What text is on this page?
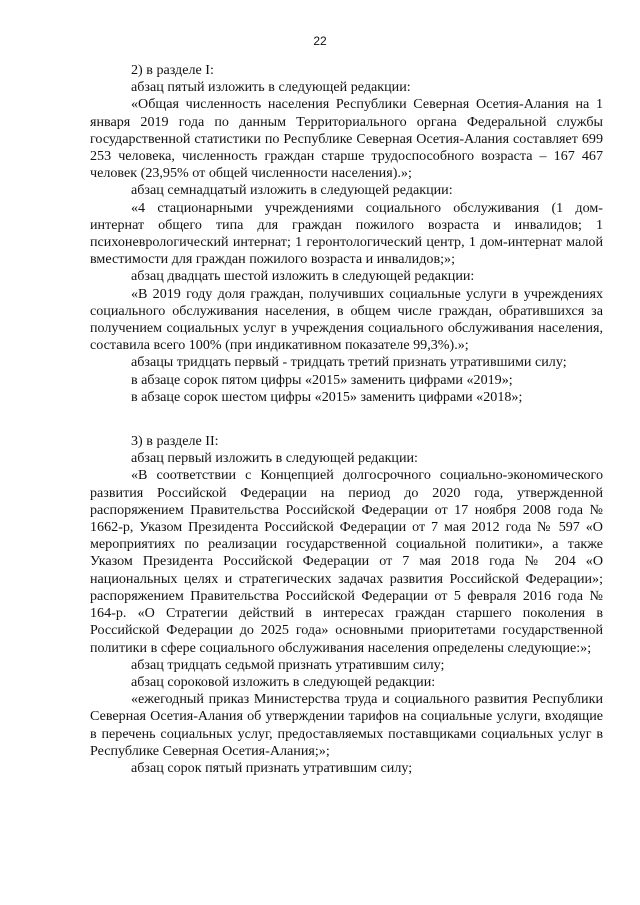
22

2) в разделе I:

абзац пятый изложить в следующей редакции:

«Общая численность населения Республики Северная Осетия-Алания на 1 января 2019 года по данным Территориального органа Федеральной службы государственной статистики по Республике Северная Осетия-Алания составляет 699 253 человека, численность граждан старше трудоспособного возраста – 167 467 человек (23,95% от общей численности населения).»;

абзац семнадцатый изложить в следующей редакции:

«4 стационарными учреждениями социального обслуживания (1 дом-интернат общего типа для граждан пожилого возраста и инвалидов; 1 психоневрологический интернат; 1 геронтологический центр, 1 дом-интернат малой вместимости для граждан пожилого возраста и инвалидов;»;

абзац двадцать шестой изложить в следующей редакции:

«В 2019 году доля граждан, получивших социальные услуги в учреждениях социального обслуживания населения, в общем числе граждан, обратившихся за получением социальных услуг в учреждения социального обслуживания населения, составила всего 100% (при индикативном показателе 99,3%).»;

абзацы тридцать первый - тридцать третий признать утратившими силу;

в абзаце сорок пятом цифры «2015» заменить цифрами «2019»;

в абзаце сорок шестом цифры «2015» заменить цифрами «2018»;

3) в разделе II:

абзац первый изложить в следующей редакции:

«В соответствии с Концепцией долгосрочного социально-экономического развития Российской Федерации на период до 2020 года, утвержденной распоряжением Правительства Российской Федерации от 17 ноября 2008 года № 1662-р, Указом Президента Российской Федерации от 7 мая 2012 года № 597 «О мероприятиях по реализации государственной социальной политики», а также Указом Президента Российской Федерации от 7 мая 2018 года № 204 «О национальных целях и стратегических задачах развития Российской Федерации»; распоряжением Правительства Российской Федерации от 5 февраля 2016 года № 164-р. «О Стратегии действий в интересах граждан старшего поколения в Российской Федерации до 2025 года» основными приоритетами государственной политики в сфере социального обслуживания населения определены следующие:»;

абзац тридцать седьмой признать утратившим силу;

абзац сороковой изложить в следующей редакции:

«ежегодный приказ Министерства труда и социального развития Республики Северная Осетия-Алания об утверждении тарифов на социальные услуги, входящие в перечень социальных услуг, предоставляемых поставщиками социальных услуг в Республике Северная Осетия-Алания;»;

абзац сорок пятый признать утратившим силу;
